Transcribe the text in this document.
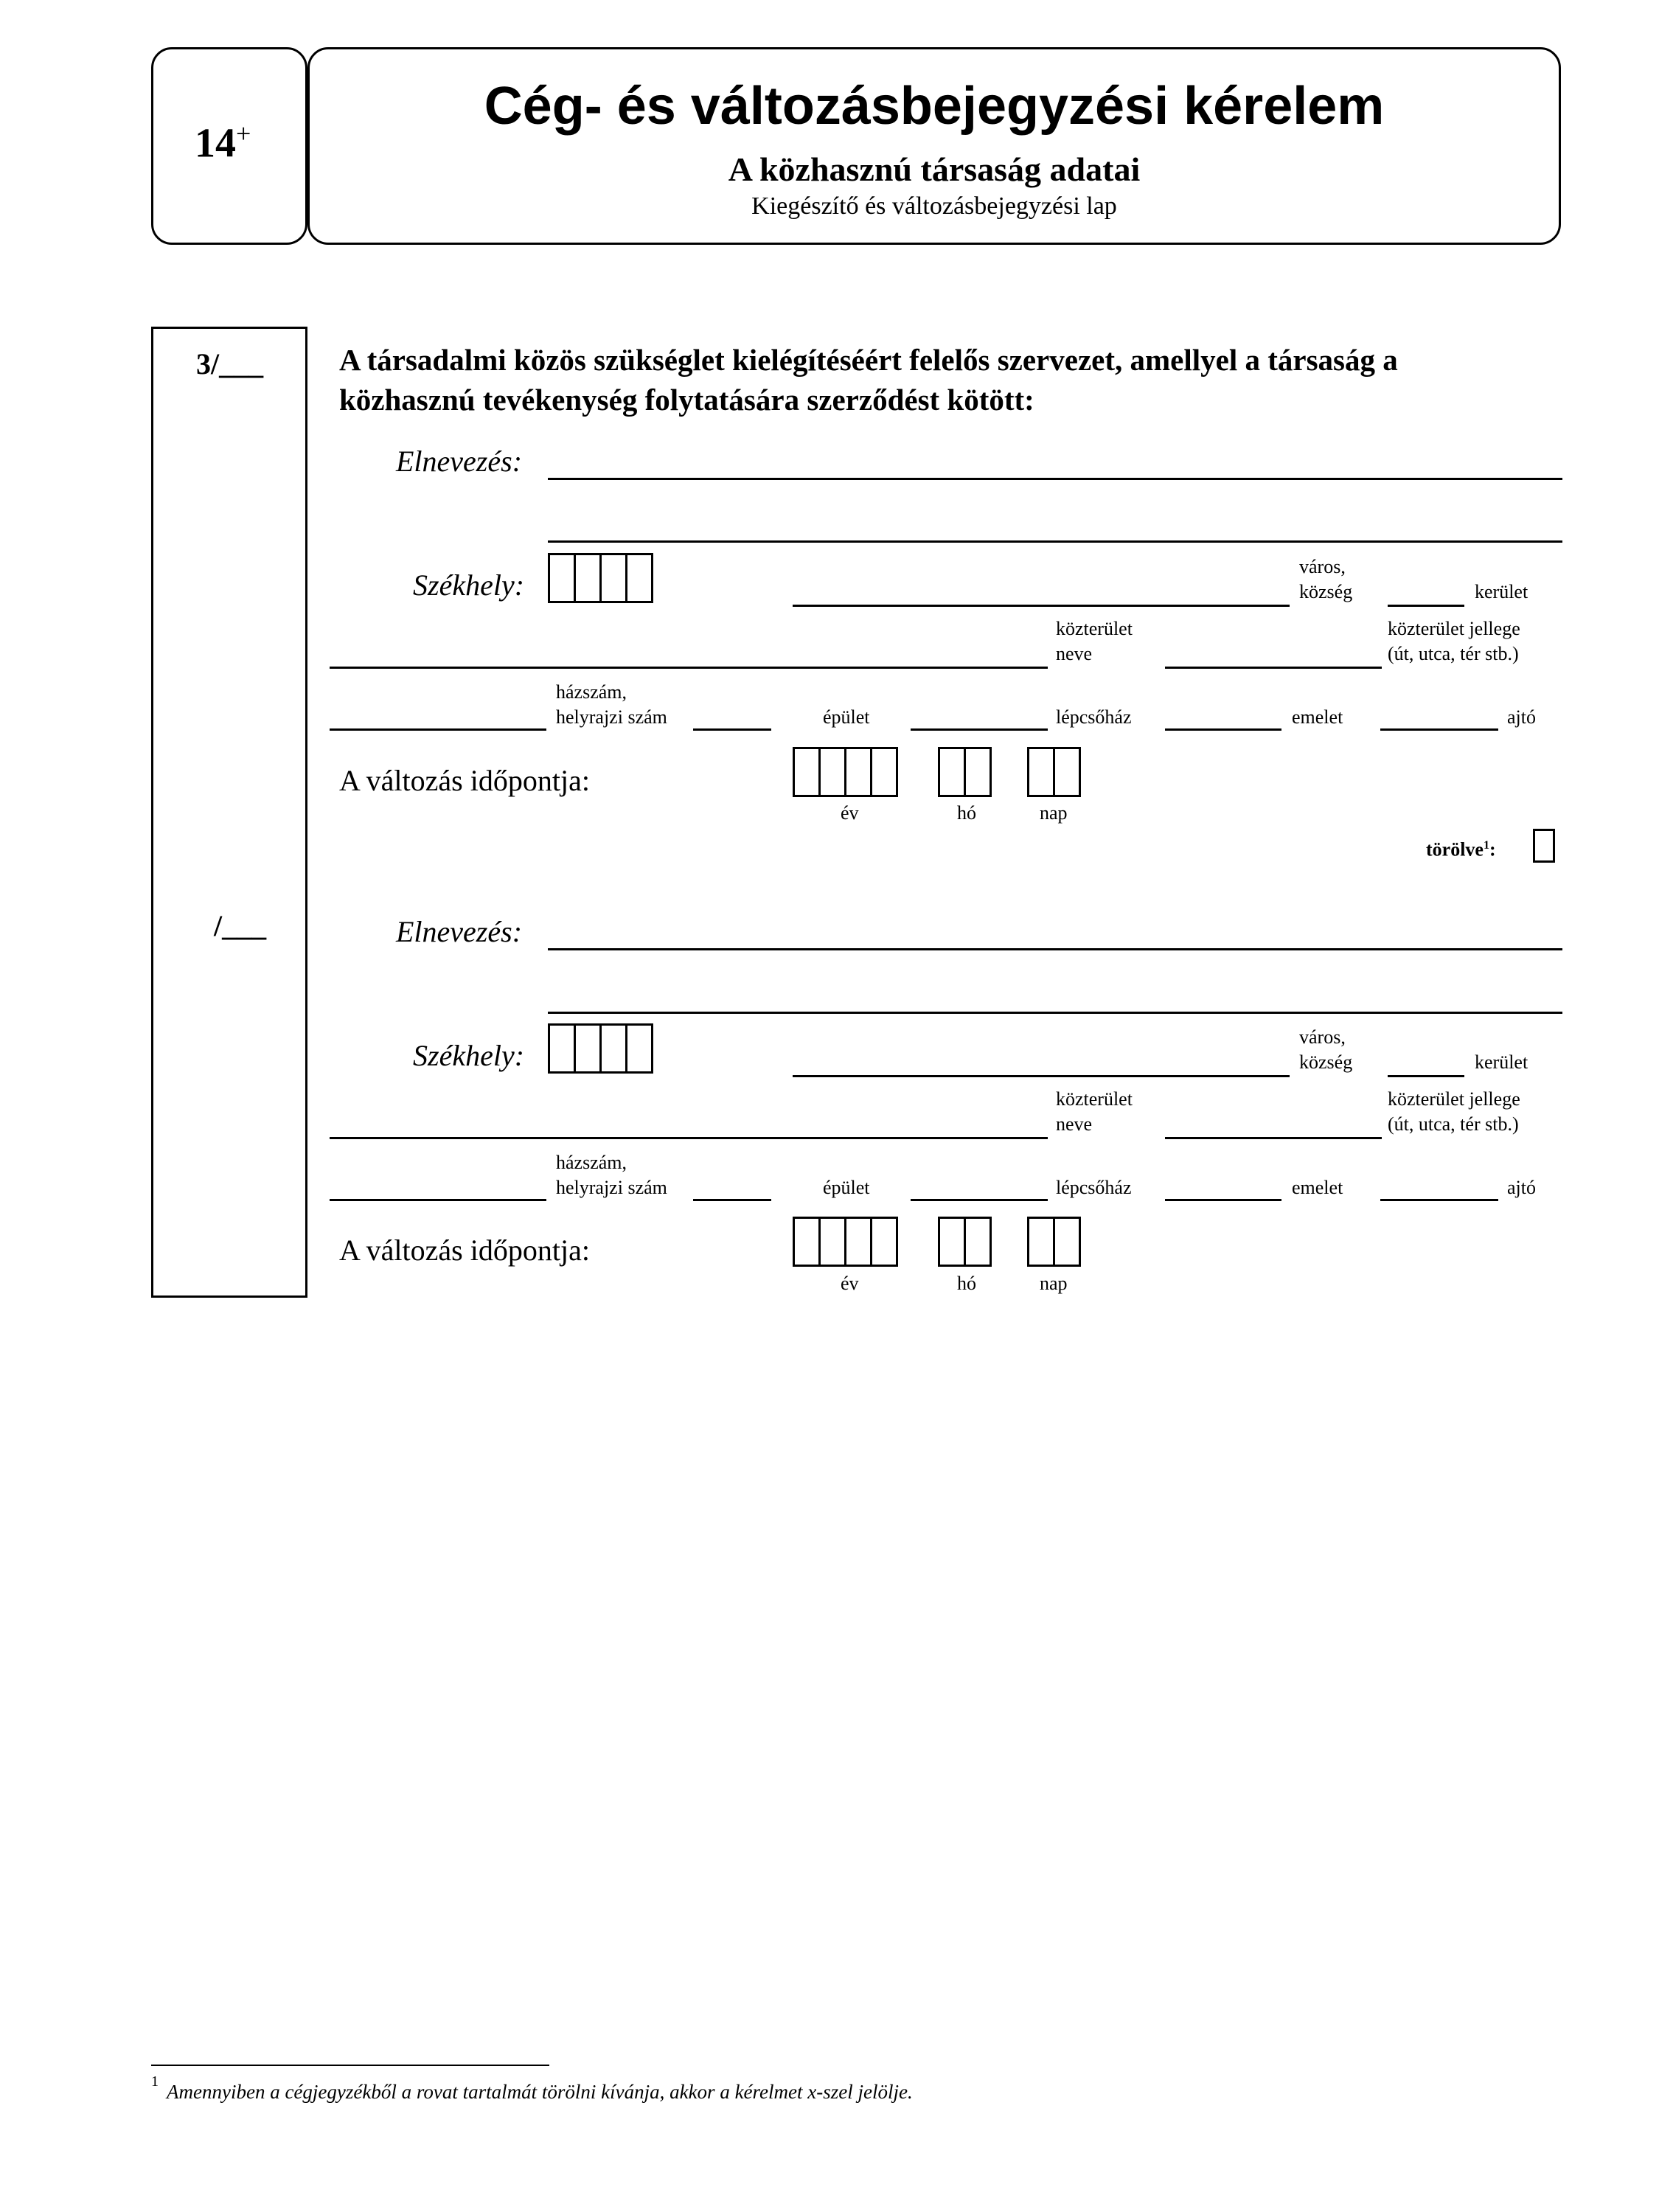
14+	Cég- és változásbejegyzési kérelem
A közhasznú társaság adatai
Kiegészítő és változásbejegyzési lap
3/___
/___
A társadalmi közös szükséglet kielégítéséért felelős szervezet, amellyel a társaság a
közhasznú tevékenység folytatására szerződést kötött:
Elnevezés:
Székhely:
város,
község	kerület
közterület
neve
közterület jellege
(út, utca, tér stb.)
házszám,
helyrajzi szám	épület	lépcsőház	emelet	ajtó
A változás időpontja:
év	hó	nap
törölve$^1$:
Elnevezés:
Székhely:
város,
község	kerület
közterület
neve
közterület jellege
(út, utca, tér stb.)
házszám,
helyrajzi szám	épület	lépcsőház	emelet	ajtó
A változás időpontja:
év	hó	nap
1 Amennyiben a cégjegyzékből a rovat tartalmát törölni kívánja, akkor a kérelmet x-szel jelölje.
